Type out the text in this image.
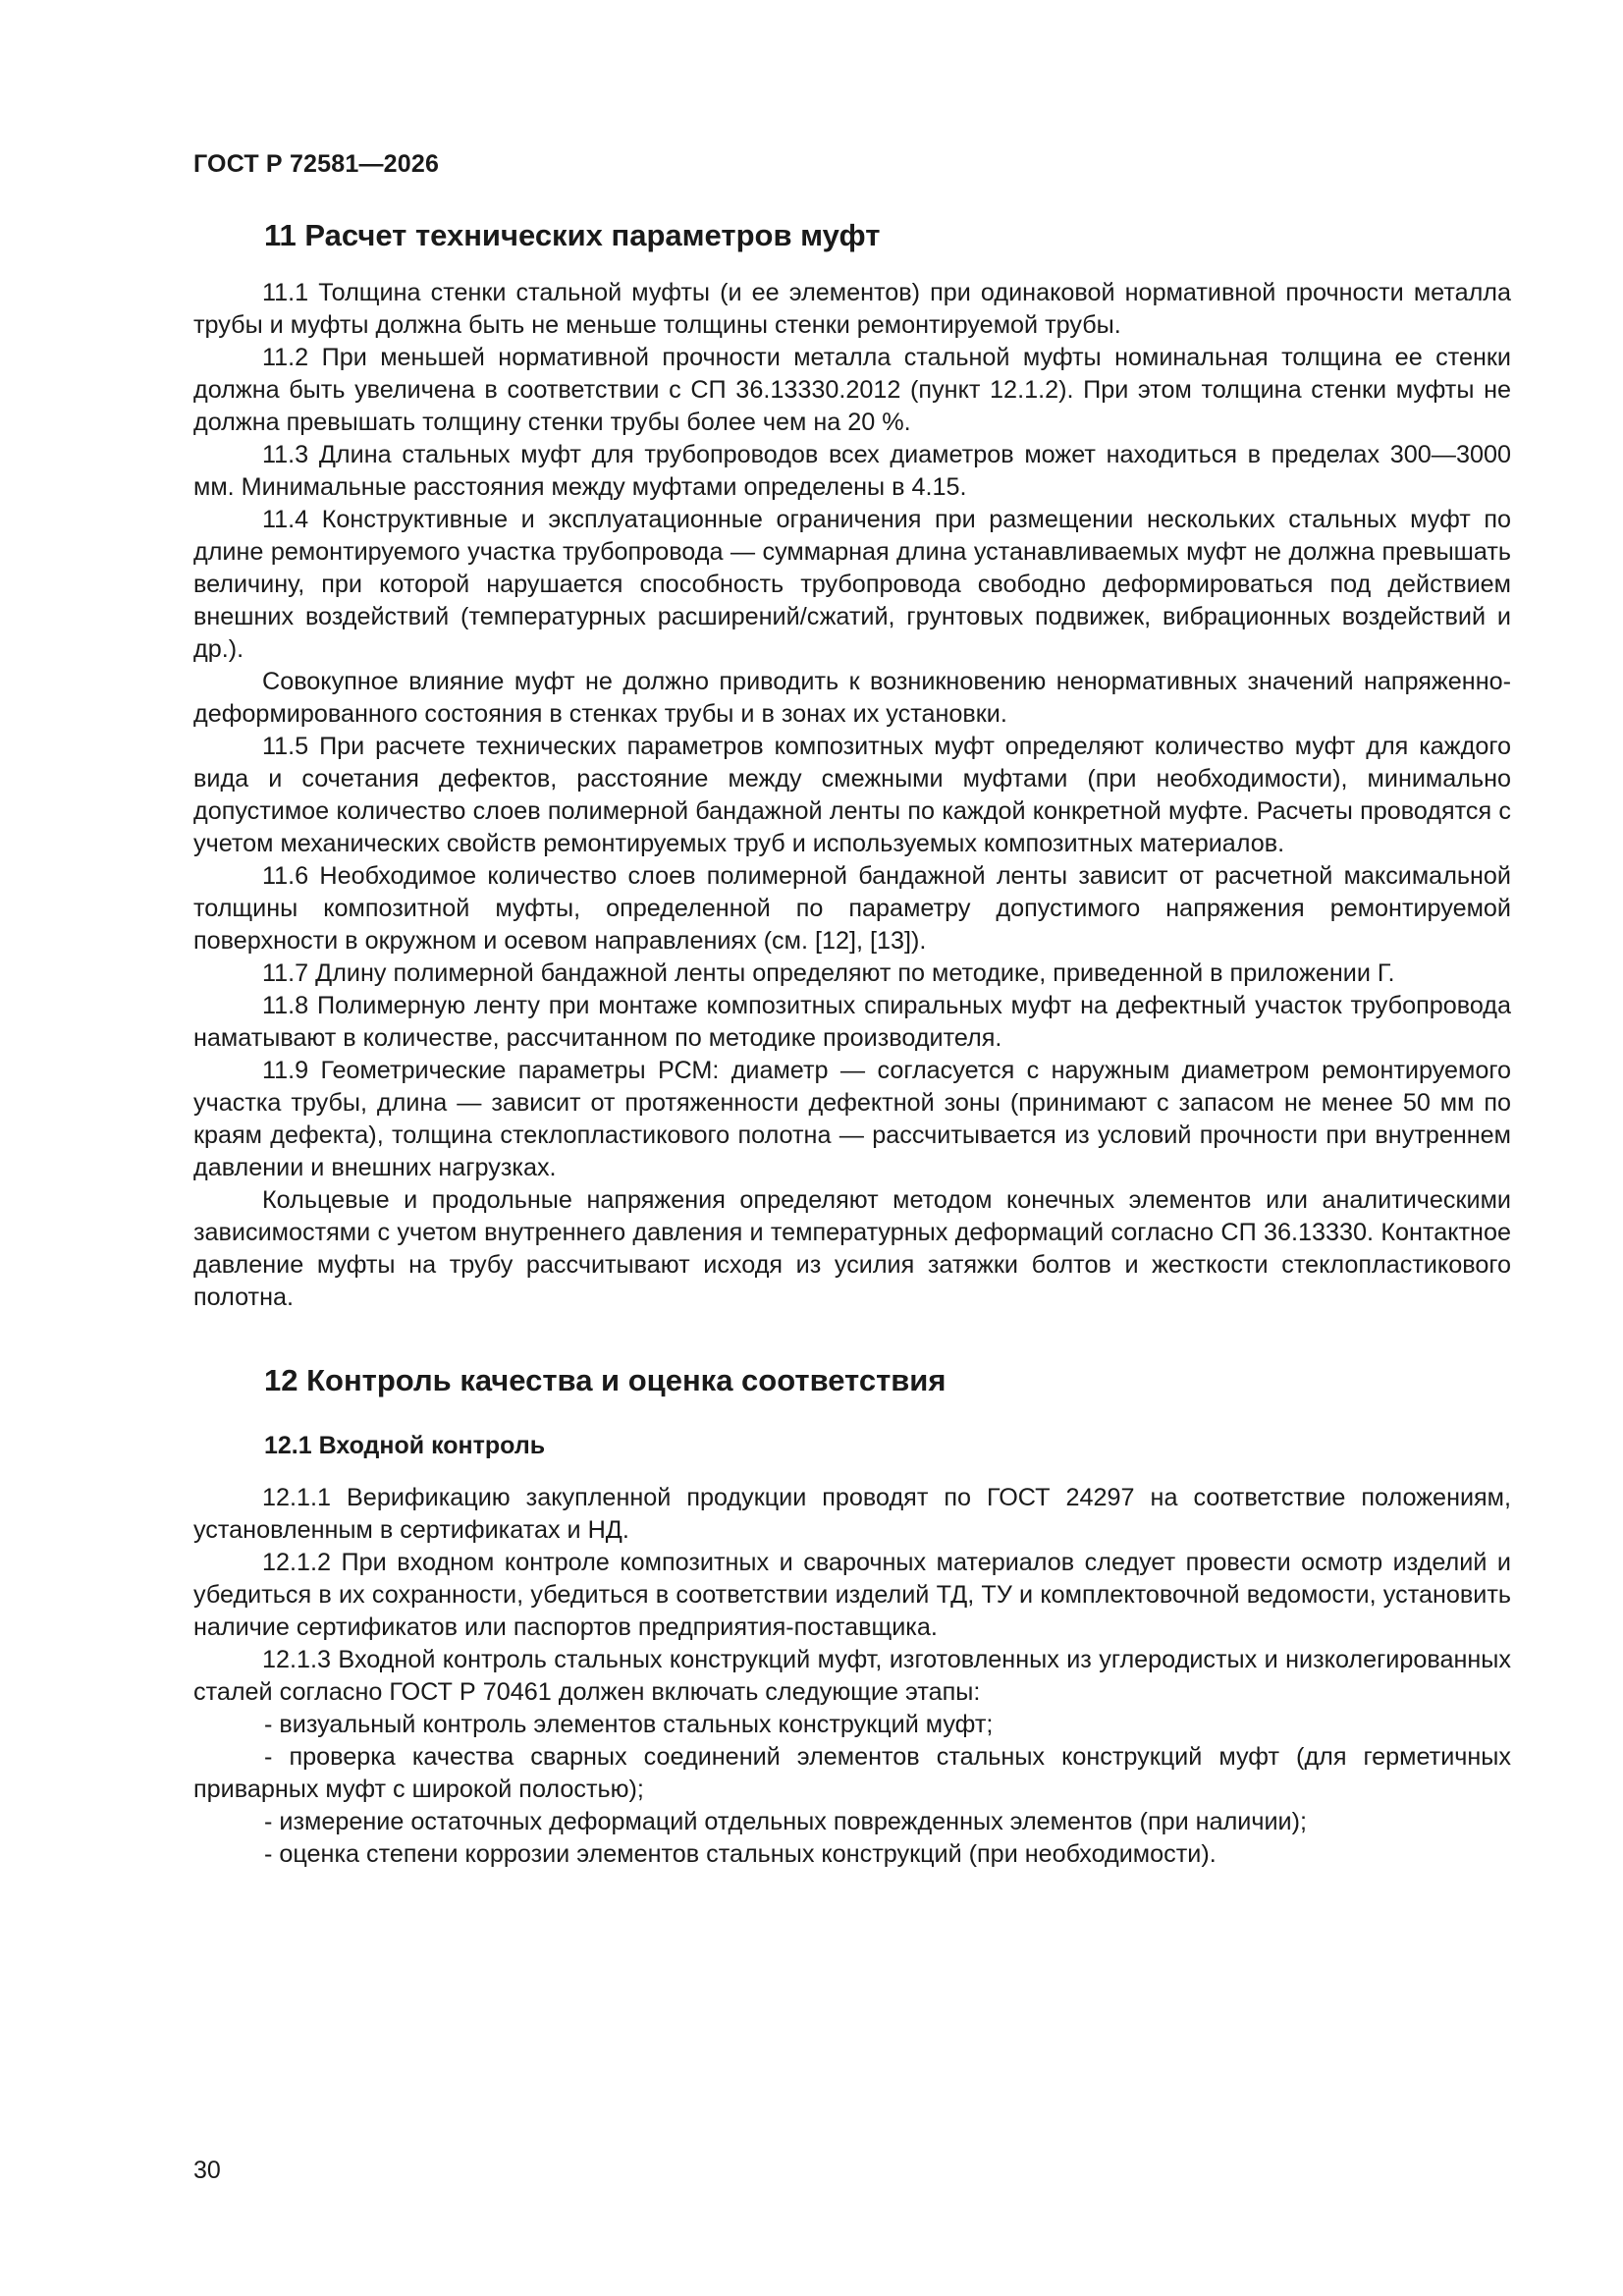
ГОСТ Р 72581—2026
11 Расчет технических параметров муфт

11.1 Толщина стенки стальной муфты (и ее элементов) при одинаковой нормативной прочности металла трубы и муфты должна быть не меньше толщины стенки ремонтируемой трубы.

11.2 При меньшей нормативной прочности металла стальной муфты номинальная толщина ее стенки должна быть увеличена в соответствии с СП 36.13330.2012 (пункт 12.1.2). При этом толщина стенки муфты не должна превышать толщину стенки трубы более чем на 20 %.

11.3 Длина стальных муфт для трубопроводов всех диаметров может находиться в пределах 300—3000 мм. Минимальные расстояния между муфтами определены в 4.15.

11.4 Конструктивные и эксплуатационные ограничения при размещении нескольких стальных муфт по длине ремонтируемого участка трубопровода — суммарная длина устанавливаемых муфт не должна превышать величину, при которой нарушается способность трубопровода свободно деформироваться под действием внешних воздействий (температурных расширений/сжатий, грунтовых подвижек, вибрационных воздействий и др.).

Совокупное влияние муфт не должно приводить к возникновению ненормативных значений напряженно-деформированного состояния в стенках трубы и в зонах их установки.

11.5 При расчете технических параметров композитных муфт определяют количество муфт для каждого вида и сочетания дефектов, расстояние между смежными муфтами (при необходимости), минимально допустимое количество слоев полимерной бандажной ленты по каждой конкретной муфте. Расчеты проводятся с учетом механических свойств ремонтируемых труб и используемых композитных материалов.

11.6 Необходимое количество слоев полимерной бандажной ленты зависит от расчетной максимальной толщины композитной муфты, определенной по параметру допустимого напряжения ремонтируемой поверхности в окружном и осевом направлениях (см. [12], [13]).

11.7 Длину полимерной бандажной ленты определяют по методике, приведенной в приложении Г.

11.8 Полимерную ленту при монтаже композитных спиральных муфт на дефектный участок трубопровода наматывают в количестве, рассчитанном по методике производителя.

11.9 Геометрические параметры РСМ: диаметр — согласуется с наружным диаметром ремонтируемого участка трубы, длина — зависит от протяженности дефектной зоны (принимают с запасом не менее 50 мм по краям дефекта), толщина стеклопластикового полотна — рассчитывается из условий прочности при внутреннем давлении и внешних нагрузках.

Кольцевые и продольные напряжения определяют методом конечных элементов или аналитическими зависимостями с учетом внутреннего давления и температурных деформаций согласно СП 36.13330. Контактное давление муфты на трубу рассчитывают исходя из усилия затяжки болтов и жесткости стеклопластикового полотна.

12 Контроль качества и оценка соответствия
12.1 Входной контроль

12.1.1 Верификацию закупленной продукции проводят по ГОСТ 24297 на соответствие положениям, установленным в сертификатах и НД.

12.1.2 При входном контроле композитных и сварочных материалов следует провести осмотр изделий и убедиться в их сохранности, убедиться в соответствии изделий ТД, ТУ и комплектовочной ведомости, установить наличие сертификатов или паспортов предприятия-поставщика.

12.1.3 Входной контроль стальных конструкций муфт, изготовленных из углеродистых и низколегированных сталей согласно ГОСТ Р 70461 должен включать следующие этапы:

- визуальный контроль элементов стальных конструкций муфт;

- проверка качества сварных соединений элементов стальных конструкций муфт (для герметичных приварных муфт с широкой полостью);

- измерение остаточных деформаций отдельных поврежденных элементов (при наличии);

- оценка степени коррозии элементов стальных конструкций (при необходимости).

30
